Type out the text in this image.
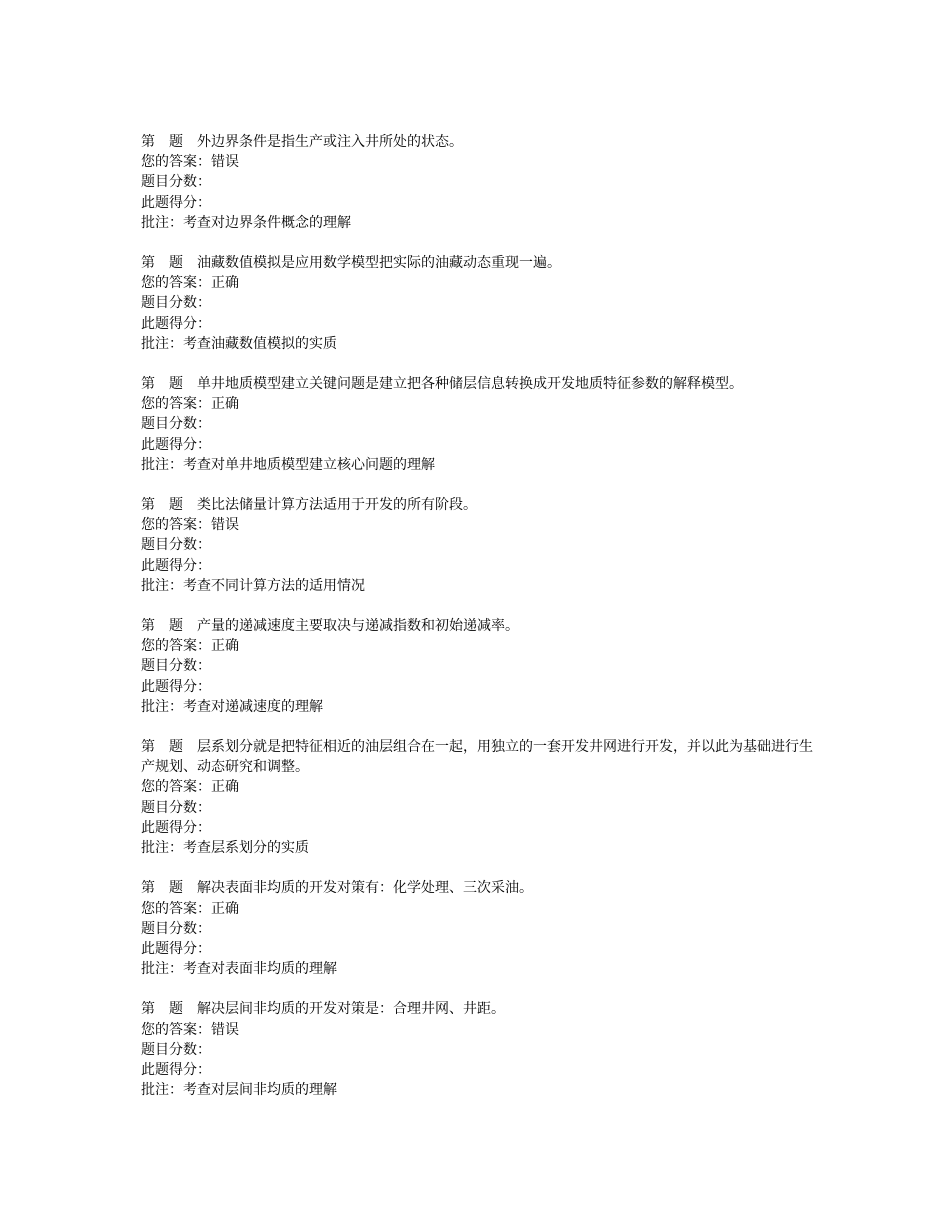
第 题 外边界条件是指生产或注入井所处的状态。
您的答案：错误
题目分数：
此题得分：
批注：考查对边界条件概念的理解
第 题 油藏数值模拟是应用数学模型把实际的油藏动态重现一遍。
您的答案：正确
题目分数：
此题得分：
批注：考查油藏数值模拟的实质
第 题 单井地质模型建立关键问题是建立把各种储层信息转换成开发地质特征参数的解释模型。
您的答案：正确
题目分数：
此题得分：
批注：考查对单井地质模型建立核心问题的理解
第 题 类比法储量计算方法适用于开发的所有阶段。
您的答案：错误
题目分数：
此题得分：
批注：考查不同计算方法的适用情况
第 题 产量的递减速度主要取决与递减指数和初始递减率。
您的答案：正确
题目分数：
此题得分：
批注：考查对递减速度的理解
第 题 层系划分就是把特征相近的油层组合在一起，用独立的一套开发井网进行开发，并以此为基础进行生产规划、动态研究和调整。
您的答案：正确
题目分数：
此题得分：
批注：考查层系划分的实质
第 题 解决表面非均质的开发对策有：化学处理、三次采油。
您的答案：正确
题目分数：
此题得分：
批注：考查对表面非均质的理解
第 题 解决层间非均质的开发对策是：合理井网、井距。
您的答案：错误
题目分数：
此题得分：
批注：考查对层间非均质的理解
